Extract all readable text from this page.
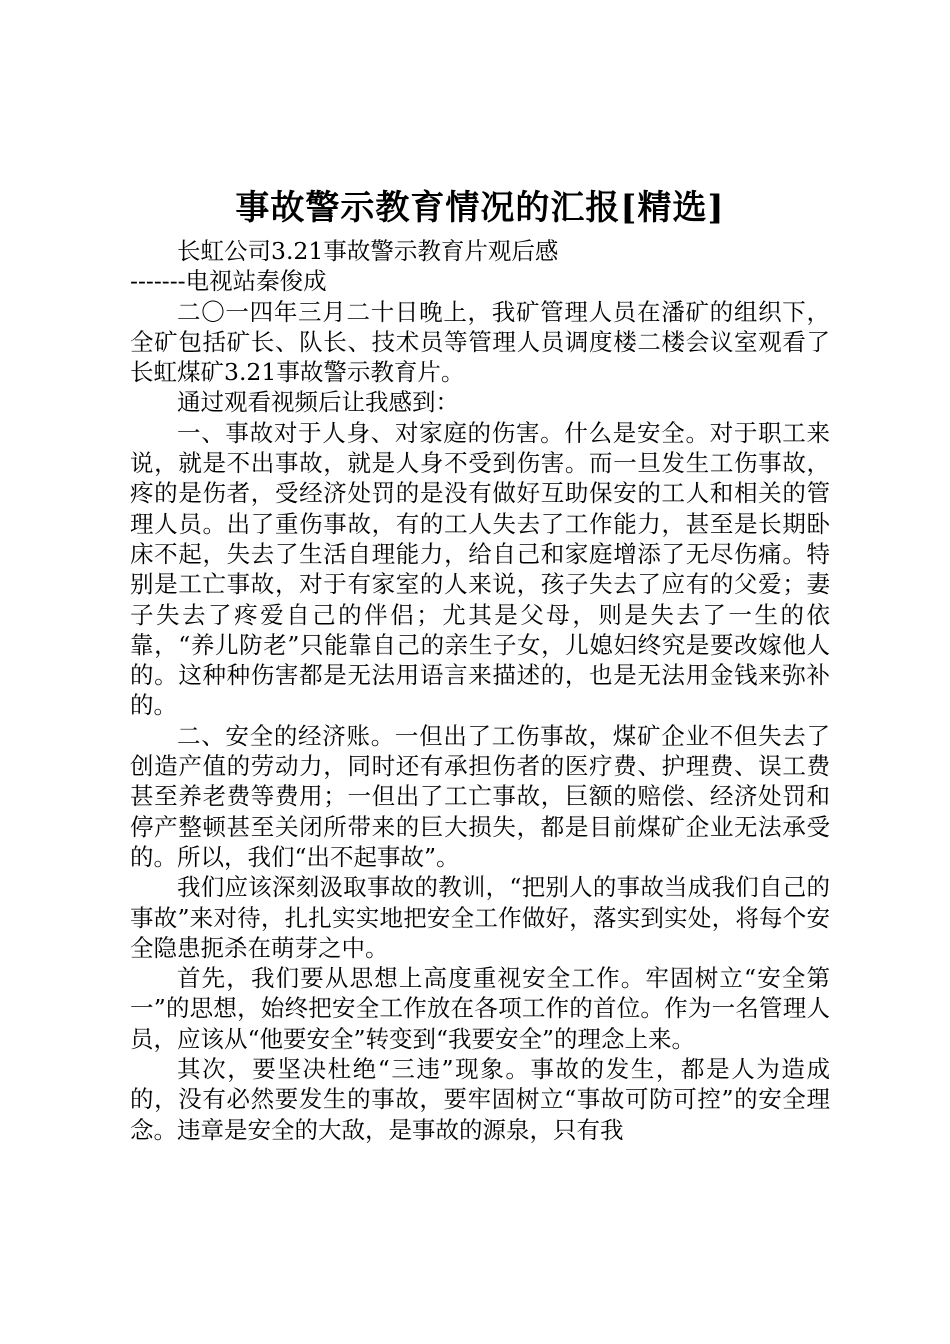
事故警示教育情况的汇报[精选]

长虹公司3.21事故警示教育片观后感

-------电视站秦俊成

二〇一四年三月二十日晚上，我矿管理人员在潘矿的组织下，全矿包括矿长、队长、技术员等管理人员调度楼二楼会议室观看了长虹煤矿3.21事故警示教育片。

通过观看视频后让我感到：

一、事故对于人身、对家庭的伤害。什么是安全。对于职工来说，就是不出事故，就是人身不受到伤害。而一旦发生工伤事故，疼的是伤者，受经济处罚的是没有做好互助保安的工人和相关的管理人员。出了重伤事故，有的工人失去了工作能力，甚至是长期卧床不起，失去了生活自理能力，给自己和家庭增添了无尽伤痛。特别是工亡事故，对于有家室的人来说，孩子失去了应有的父爱；妻子失去了疼爱自己的伴侣；尤其是父母，则是失去了一生的依靠，“养儿防老”只能靠自己的亲生子女，儿媳妇终究是要改嫁他人的。这种种伤害都是无法用语言来描述的，也是无法用金钱来弥补的。

二、安全的经济账。一但出了工伤事故，煤矿企业不但失去了创造产值的劳动力，同时还有承担伤者的医疗费、护理费、误工费甚至养老费等费用；一但出了工亡事故，巨额的赔偿、经济处罚和停产整顿甚至关闭所带来的巨大损失，都是目前煤矿企业无法承受的。所以，我们“出不起事故”。

我们应该深刻汲取事故的教训，“把别人的事故当成我们自己的事故”来对待，扎扎实实地把安全工作做好，落实到实处，将每个安全隐患扼杀在萌芽之中。

首先，我们要从思想上高度重视安全工作。牢固树立“安全第一”的思想，始终把安全工作放在各项工作的首位。作为一名管理人员，应该从“他要安全”转变到“我要安全”的理念上来。

其次，要坚决杜绝“三违”现象。事故的发生，都是人为造成的，没有必然要发生的事故，要牢固树立“事故可防可控”的安全理念。违章是安全的大敌，是事故的源泉，只有我
